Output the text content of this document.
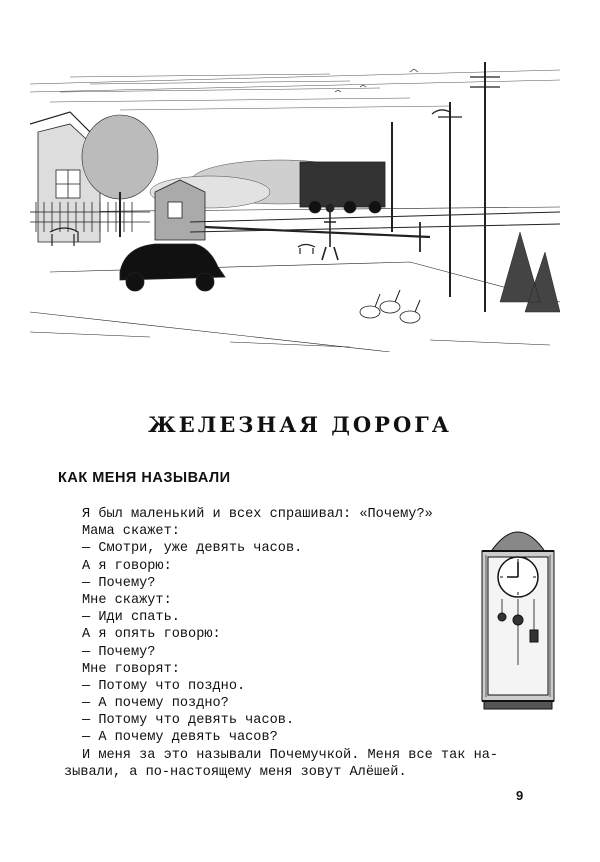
ЖЕЛЕЗНАЯ ДОРОГА
КАК МЕНЯ НАЗЫВАЛИ
Я был маленький и всех спрашивал: «Почему?»
Мама скажет:
— Смотри, уже девять часов.
А я говорю:
— Почему?
Мне скажут:
— Иди спать.
А я опять говорю:
— Почему?
Мне говорят:
— Потому что поздно.
— А почему поздно?
— Потому что девять часов.
— А почему девять часов?
И меня за это называли Почемучкой. Меня все так на-
зывали, а по-настоящему меня зовут Алёшей.
9
